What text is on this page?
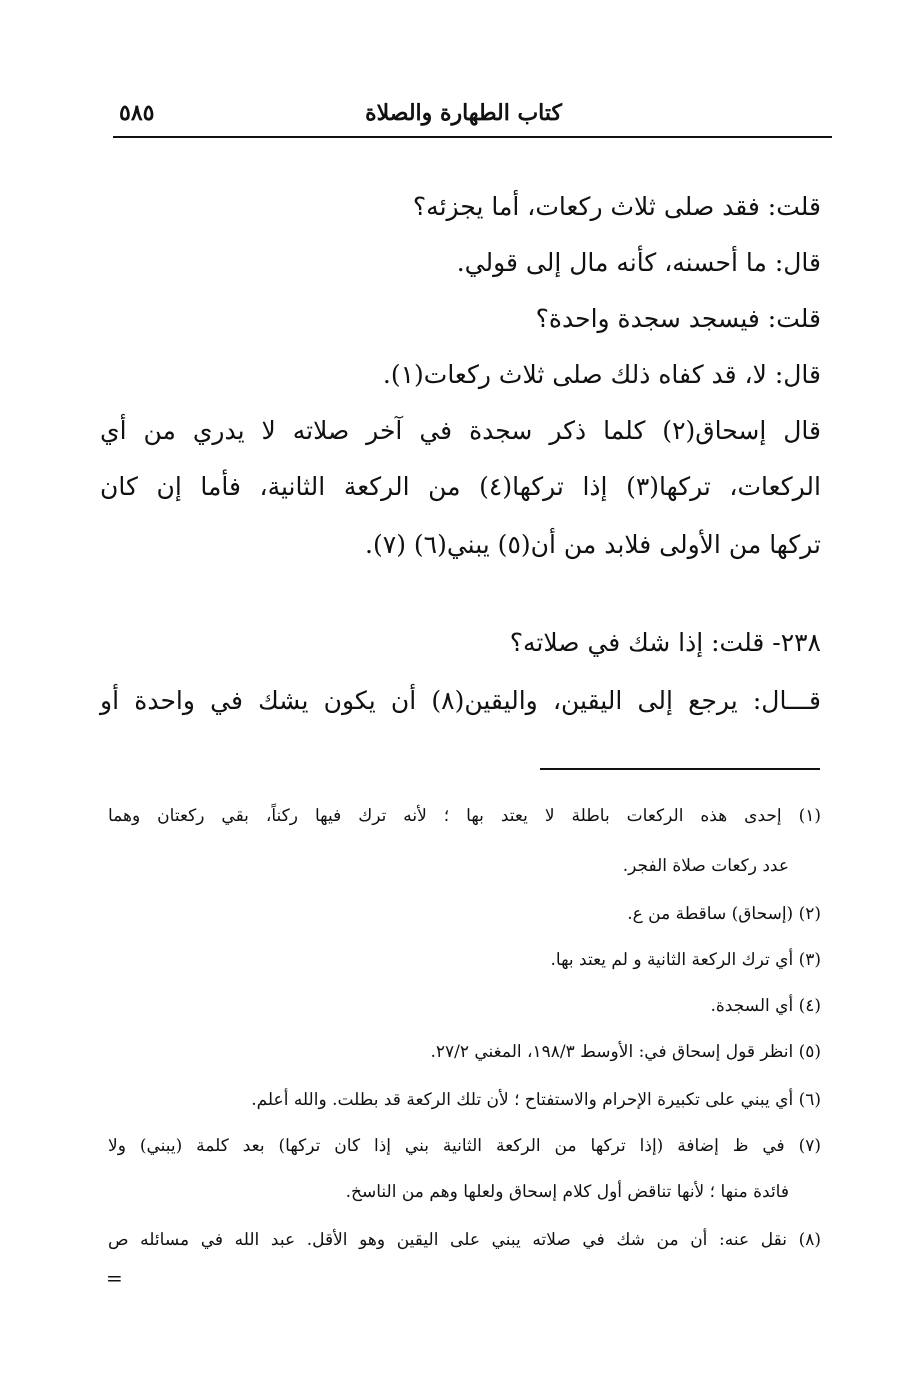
كتاب الطهارة والصلاة
٥٨٥
قلت: فقد صلى ثلاث ركعات، أما يجزئه؟
قال: ما أحسنه، كأنه مال إلى قولي.
قلت: فيسجد سجدة واحدة؟
قال: لا، قد كفاه ذلك صلى ثلاث ركعات(١).
قال إسحاق(٢) كلما ذكر سجدة في آخر صلاته لا يدري من أي
الركعات، تركها(٣) إذا تركها(٤) من الركعة الثانية، فأما إن كان
تركها من الأولى فلابد من أن(٥) يبني(٦) (٧).
٢٣٨- قلت: إذا شك في صلاته؟
قـــال: يرجع إلى اليقين، واليقين(٨) أن يكون يشك في واحدة أو
(١) إحدى هذه الركعات باطلة لا يعتد بها ؛ لأنه ترك فيها ركناً، بقي ركعتان وهما
عدد ركعات صلاة الفجر.
(٢) (إسحاق) ساقطة من ع.
(٣) أي ترك الركعة الثانية و لم يعتد بها.
(٤) أي السجدة.
(٥) انظر قول إسحاق في: الأوسط ١٩٨/٣، المغني ٢٧/٢.
(٦) أي يبني على تكبيرة الإحرام والاستفتاح ؛ لأن تلك الركعة قد بطلت. والله أعلم.
(٧) في ظ إضافة (إذا تركها من الركعة الثانية بني إذا كان تركها) بعد كلمة (يبني) ولا
فائدة منها ؛ لأنها تناقض أول كلام إسحاق ولعلها وهم من الناسخ.
(٨) نقل عنه: أن من شك في صلاته يبني على اليقين وهو الأقل. عبد الله في مسائله ص
=
